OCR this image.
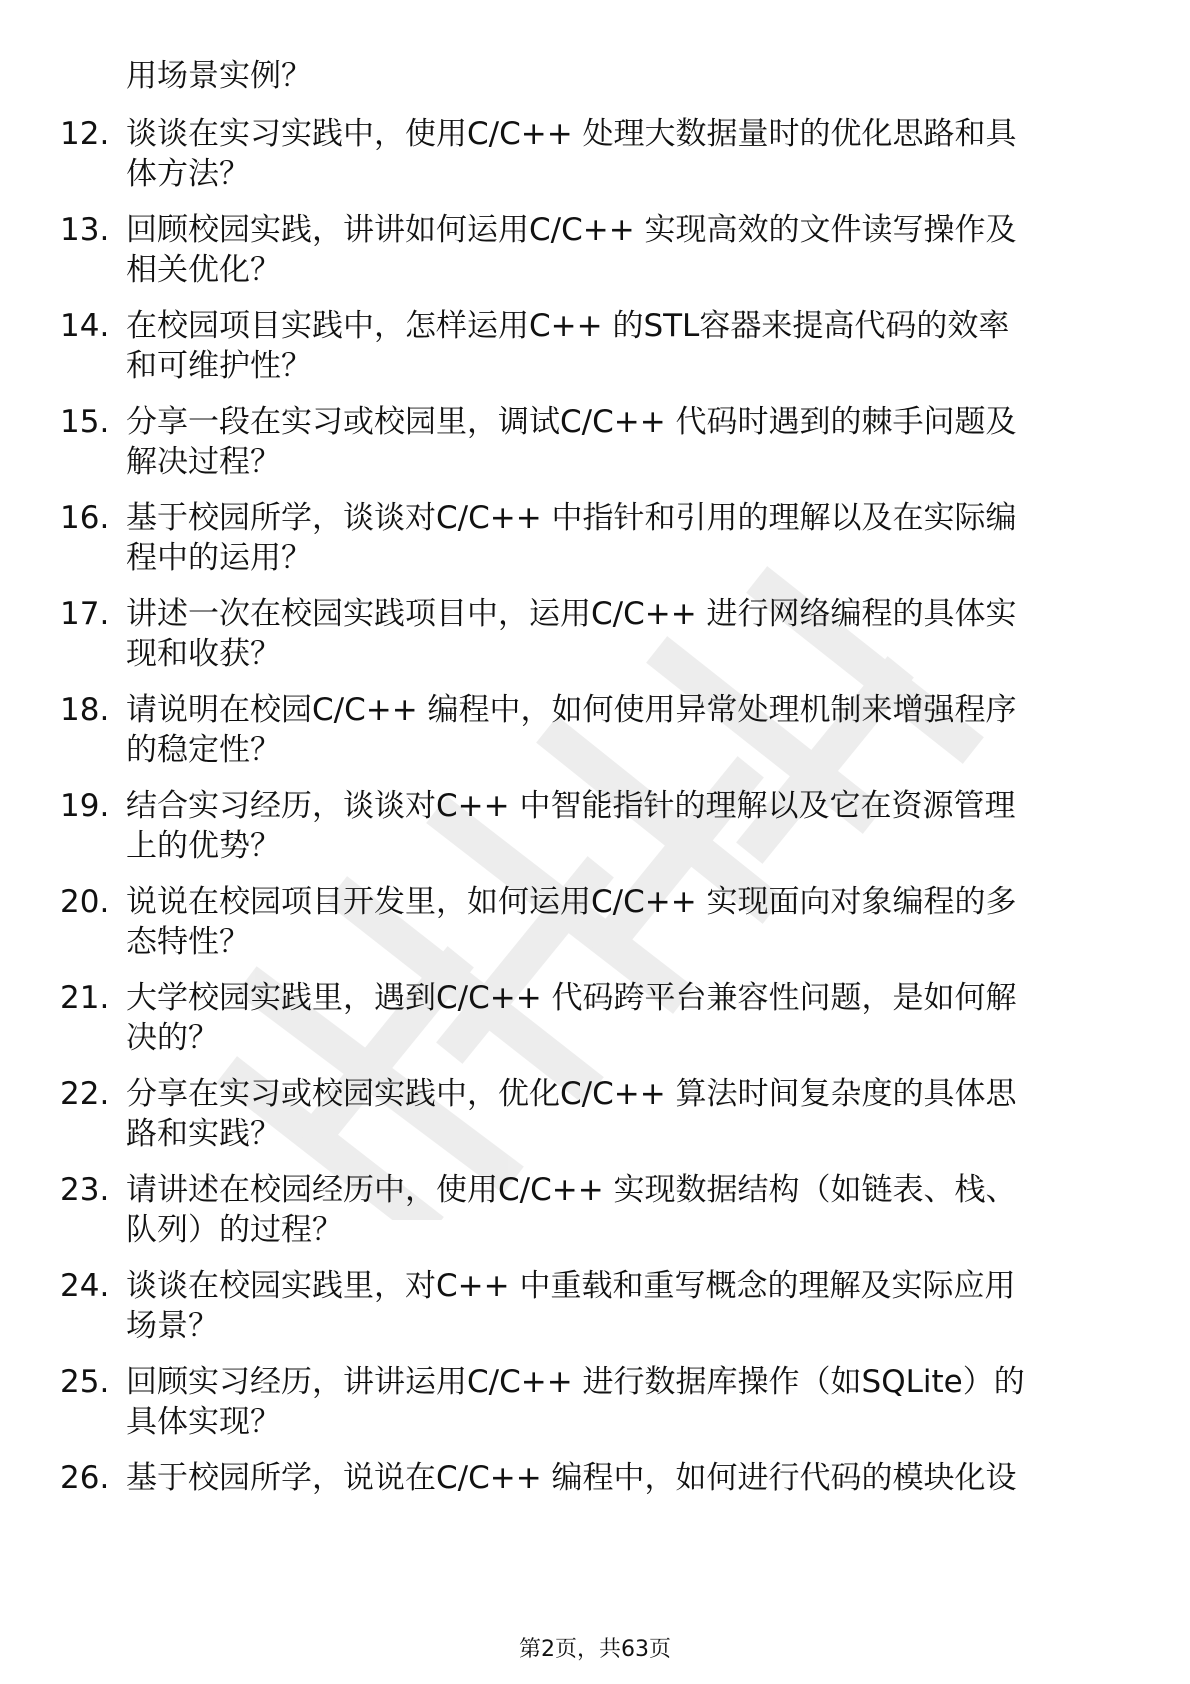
用场景实例？
12. 谈谈在实习实践中，使用C/C++ 处理大数据量时的优化思路和具
体方法？
13. 回顾校园实践，讲讲如何运用C/C++ 实现高效的文件读写操作及
相关优化？
14. 在校园项目实践中，怎样运用C++ 的STL容器来提高代码的效率
和可维护性？
15. 分享一段在实习或校园里，调试C/C++ 代码时遇到的棘手问题及
解决过程？
16. 基于校园所学，谈谈对C/C++ 中指针和引用的理解以及在实际编
程中的运用？
17. 讲述一次在校园实践项目中，运用C/C++ 进行网络编程的具体实
现和收获？
18. 请说明在校园C/C++ 编程中，如何使用异常处理机制来增强程序
的稳定性？
19. 结合实习经历，谈谈对C++ 中智能指针的理解以及它在资源管理
上的优势？
20. 说说在校园项目开发里，如何运用C/C++ 实现面向对象编程的多
态特性？
21. 大学校园实践里，遇到C/C++ 代码跨平台兼容性问题，是如何解
决的？
22. 分享在实习或校园实践中，优化C/C++ 算法时间复杂度的具体思
路和实践？
23. 请讲述在校园经历中，使用C/C++ 实现数据结构（如链表、栈、
队列）的过程？
24. 谈谈在校园实践里，对C++ 中重载和重写概念的理解及实际应用
场景？
25. 回顾实习经历，讲讲运用C/C++ 进行数据库操作（如SQLite）的
具体实现？
26. 基于校园所学，说说在C/C++ 编程中，如何进行代码的模块化设
第2页，共63页
